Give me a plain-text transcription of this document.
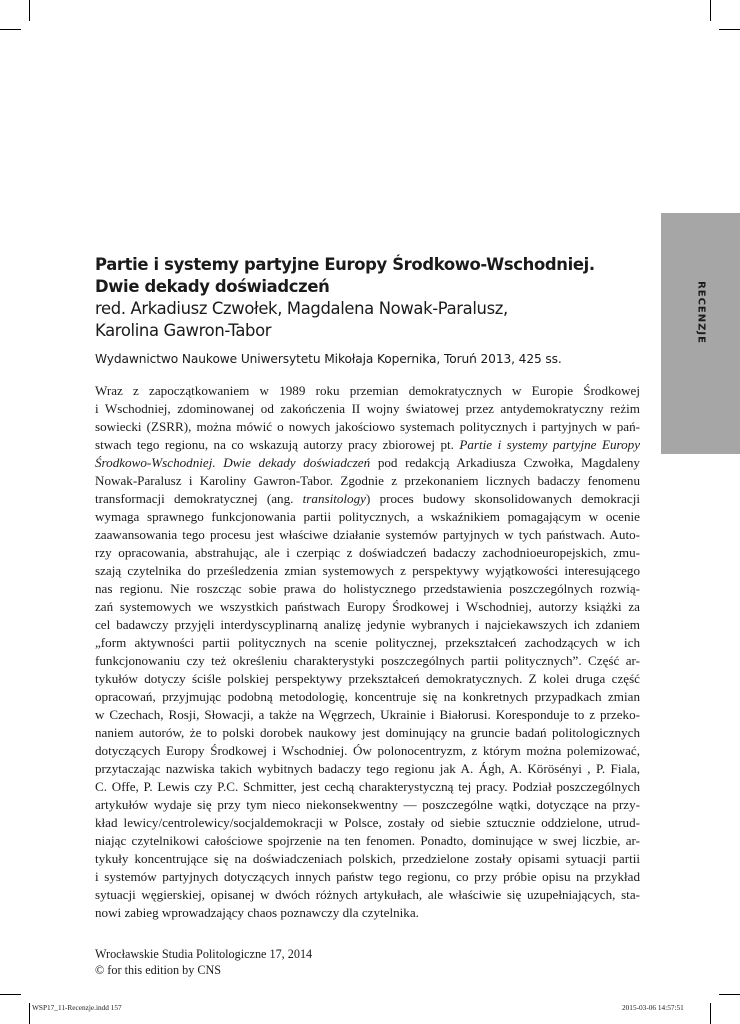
RECENZJE
Partie i systemy partyjne Europy Środkowo-Wschodniej.
Dwie dekady doświadczeń
red. Arkadiusz Czwołek, Magdalena Nowak-Paralusz,
Karolina Gawron-Tabor
Wydawnictwo Naukowe Uniwersytetu Mikołaja Kopernika, Toruń 2013, 425 ss.
Wraz z zapoczątkowaniem w 1989 roku przemian demokratycznych w Europie Środkowej
i Wschodniej, zdominowanej od zakończenia II wojny światowej przez antydemokratyczny reżim
sowiecki (ZSRR), można mówić o nowych jakościowo systemach politycznych i partyjnych w pań-
stwach tego regionu, na co wskazują autorzy pracy zbiorowej pt. Partie i systemy partyjne Europy
Środkowo-Wschodniej. Dwie dekady doświadczeń pod redakcją Arkadiusza Czwołka, Magdaleny
Nowak-Paralusz i Karoliny Gawron-Tabor. Zgodnie z przekonaniem licznych badaczy fenomenu
transformacji demokratycznej (ang. transitology) proces budowy skonsolidowanych demokracji
wymaga sprawnego funkcjonowania partii politycznych, a wskaźnikiem pomagającym w ocenie
zaawansowania tego procesu jest właściwe działanie systemów partyjnych w tych państwach. Auto-
rzy opracowania, abstrahując, ale i czerpiąc z doświadczeń badaczy zachodnioeuropejskich, zmu-
szają czytelnika do prześledzenia zmian systemowych z perspektywy wyjątkowości interesującego
nas regionu. Nie roszcząc sobie prawa do holistycznego przedstawienia poszczególnych rozwią-
zań systemowych we wszystkich państwach Europy Środkowej i Wschodniej, autorzy książki za
cel badawczy przyjęli interdyscyplinarną analizę jedynie wybranych i najciekawszych ich zdaniem
„form aktywności partii politycznych na scenie politycznej, przekształceń zachodzących w ich
funkcjonowaniu czy też określeniu charakterystyki poszczególnych partii politycznych”. Część ar-
tykułów dotyczy ściśle polskiej perspektywy przekształceń demokratycznych. Z kolei druga część
opracowań, przyjmując podobną metodologię, koncentruje się na konkretnych przypadkach zmian
w Czechach, Rosji, Słowacji, a także na Węgrzech, Ukrainie i Białorusi. Koresponduje to z przeko-
naniem autorów, że to polski dorobek naukowy jest dominujący na gruncie badań politologicznych
dotyczących Europy Środkowej i Wschodniej. Ów polonocentryzm, z którym można polemizować,
przytaczając nazwiska takich wybitnych badaczy tego regionu jak A. Ágh, A. Körösényi , P. Fiala,
C. Offe, P. Lewis czy P.C. Schmitter, jest cechą charakterystyczną tej pracy. Podział poszczególnych
artykułów wydaje się przy tym nieco niekonsekwentny — poszczególne wątki, dotyczące na przy-
kład lewicy/centrolewicy/socjaldemokracji w Polsce, zostały od siebie sztucznie oddzielone, utrud-
niając czytelnikowi całościowe spojrzenie na ten fenomen. Ponadto, dominujące w swej liczbie, ar-
tykuły koncentrujące się na doświadczeniach polskich, przedzielone zostały opisami sytuacji partii
i systemów partyjnych dotyczących innych państw tego regionu, co przy próbie opisu na przykład
sytuacji węgierskiej, opisanej w dwóch różnych artykułach, ale właściwie się uzupełniających, sta-
nowi zabieg wprowadzający chaos poznawczy dla czytelnika.
Wrocławskie Studia Politologiczne 17, 2014
© for this edition by CNS
WSP17_11-Recenzje.indd 157	2015-03-06 14:57:51
